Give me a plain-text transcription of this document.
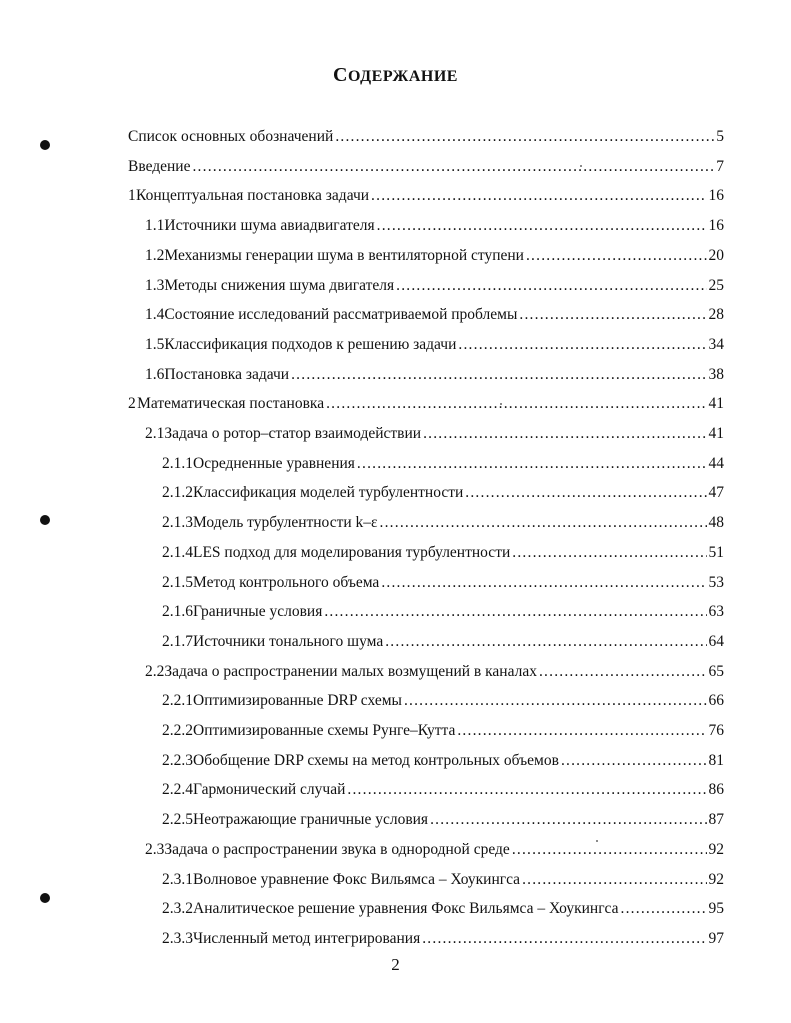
СОДЕРЖАНИЕ
Список основных обозначений .....	5
Введение .....	7
1 Концептуальная постановка задачи .....	16
1.1 Источники шума авиадвигателя .....	16
1.2 Механизмы генерации шума в вентиляторной ступени .....	20
1.3 Методы снижения шума двигателя .....	25
1.4 Состояние исследований рассматриваемой проблемы .....	28
1.5 Классификация подходов к решению задачи .....	34
1.6 Постановка задачи .....	38
2 Математическая постановка .....	41
2.1 Задача о ротор–статор взаимодействии .....	41
2.1.1 Осредненные уравнения .....	44
2.1.2 Классификация моделей турбулентности .....	47
2.1.3 Модель турбулентности k–ε .....	48
2.1.4 LES подход для моделирования турбулентности .....	51
2.1.5 Метод контрольного объема .....	53
2.1.6 Граничные условия .....	63
2.1.7 Источники тонального шума .....	64
2.2 Задача о распространении малых возмущений в каналах .....	65
2.2.1 Оптимизированные DRP схемы .....	66
2.2.2 Оптимизированные схемы Рунге–Кутта .....	76
2.2.3 Обобщение DRP схемы на метод контрольных объемов .....	81
2.2.4 Гармонический случай .....	86
2.2.5 Неотражающие граничные условия .....	87
2.3 Задача о распространении звука в однородной среде .....	92
2.3.1 Волновое уравнение Фокс Вильямса – Хоукингса .....	92
2.3.2 Аналитическое решение уравнения Фокс Вильямса – Хоукингса .....	95
2.3.3 Численный метод интегрирования .....	97
2
